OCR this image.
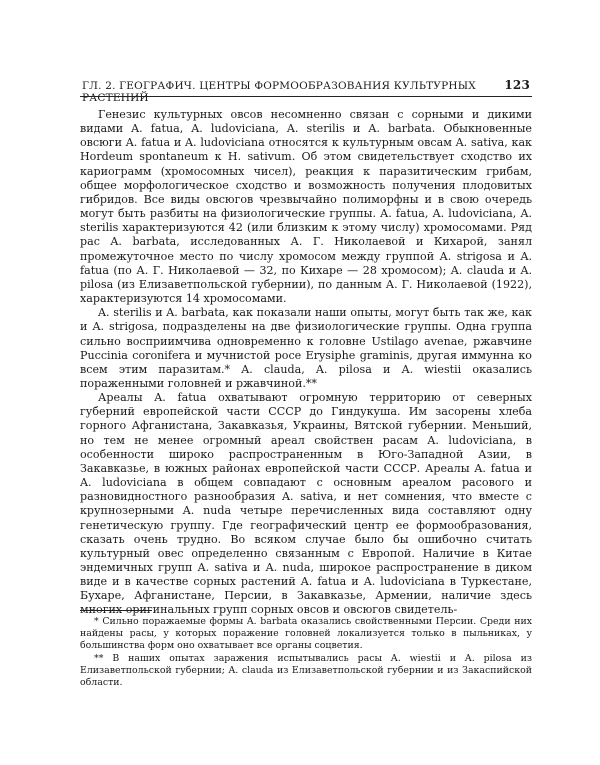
ГЛ. 2. ГЕОГРАФИЧ. ЦЕНТРЫ ФОРМООБРАЗОВАНИЯ КУЛЬТУРНЫХ РАСТЕНИЙ
123

Генезис культурных овсов несомненно связан с сорными и дикими видами A. fatua, A. ludoviciana, A. sterilis и A. barbata. Обыкновенные овсюги A. fatua и A. ludoviciana относятся к культурным овсам A. sativa, как Hordeum spontaneum к H. sativum. Об этом свидетельствует сходство их кариограмм (хромосомных чисел), реакция к паразитическим грибам, общее морфологическое сходство и возможность получения плодовитых гибридов. Все виды овсюгов чрезвычайно полиморфны и в свою очередь могут быть разбиты на физиологические группы. A. fatua, A. ludoviciana, A. sterilis характеризуются 42 (или близким к этому числу) хромосомами. Ряд рас A. barbata, исследованных А. Г. Николаевой и Кихарой, занял промежуточное место по числу хромосом между группой A. strigosa и A. fatua (по А. Г. Николаевой — 32, по Кихаре — 28 хромосом); A. clauda и A. pilosa (из Елизаветпольской губернии), по данным А. Г. Николаевой (1922), характеризуются 14 хромосомами.

A. sterilis и A. barbata, как показали наши опыты, могут быть так же, как и A. strigosa, подразделены на две физиологические группы. Одна группа сильно восприимчива одновременно к головне Ustilago avenae, ржавчине Puccinia coronifera и мучнистой росе Erysiphe graminis, другая иммунна ко всем этим паразитам.* A. clauda, A. pilosa и A. wiestii оказались пораженными головней и ржавчиной.**

Ареалы A. fatua охватывают огромную территорию от северных губерний европейской части СССР до Гиндукуша. Им засорены хлеба горного Афганистана, Закавказья, Украины, Вятской губернии. Меньший, но тем не менее огромный ареал свойствен расам A. ludoviciana, в особенности широко распространенным в Юго-Западной Азии, в Закавказье, в южных районах европейской части СССР. Ареалы A. fatua и A. ludoviciana в общем совпадают с основным ареалом расового и разновидностного разнообразия A. sativa, и нет сомнения, что вместе с крупнозерными A. nuda четыре перечисленных вида составляют одну генетическую группу. Где географический центр ее формообразования, сказать очень трудно. Во всяком случае было бы ошибочно считать культурный овес определенно связанным с Европой. Наличие в Китае эндемичных групп A. sativa и A. nuda, широкое распространение в диком виде и в качестве сорных растений A. fatua и A. ludoviciana в Туркестане, Бухаре, Афганистане, Персии, в Закавказье, Армении, наличие здесь многих оригинальных групп сорных овсов и овсюгов свидетель-

* Сильно поражаемые формы A. barbata оказались свойственными Персии. Среди них найдены расы, у которых поражение головней локализуется только в пыльниках, у большинства форм оно охватывает все органы соцветия.

** В наших опытах заражения испытывались расы A. wiestii и A. pilosa из Елизаветпольской губернии; A. clauda из Елизаветпольской губернии и из Закаспийской области.
